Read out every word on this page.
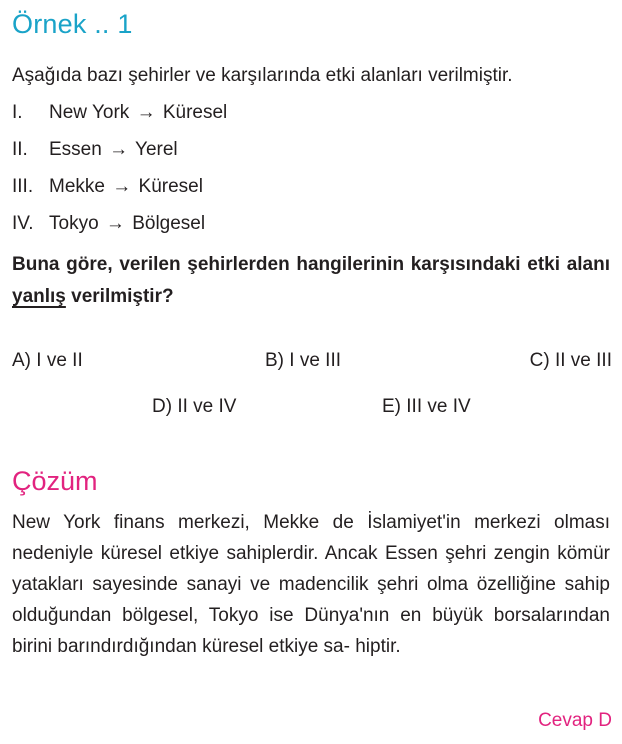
Örnek .. 1
Aşağıda bazı şehirler ve karşılarında etki alanları verilmiştir.
I. New York → Küresel
II. Essen → Yerel
III. Mekke → Küresel
IV. Tokyo → Bölgesel
Buna göre, verilen şehirlerden hangilerinin karşısındaki etki alanı yanlış verilmiştir?
A) I ve II	B) I ve III	C) II ve III
D) II ve IV	E) III ve IV
Çözüm
New York finans merkezi, Mekke de İslamiyet'in merkezi olması nedeniyle küresel etkiye sahiplerdir. Ancak Essen şehri zengin kömür yatakları sayesinde sanayi ve madencilik şehri olma özelliğine sahip olduğundan bölgesel, Tokyo ise Dünya'nın en büyük borsalarından birini barındırdığından küresel etkiye sa- hiptir.
Cevap D
